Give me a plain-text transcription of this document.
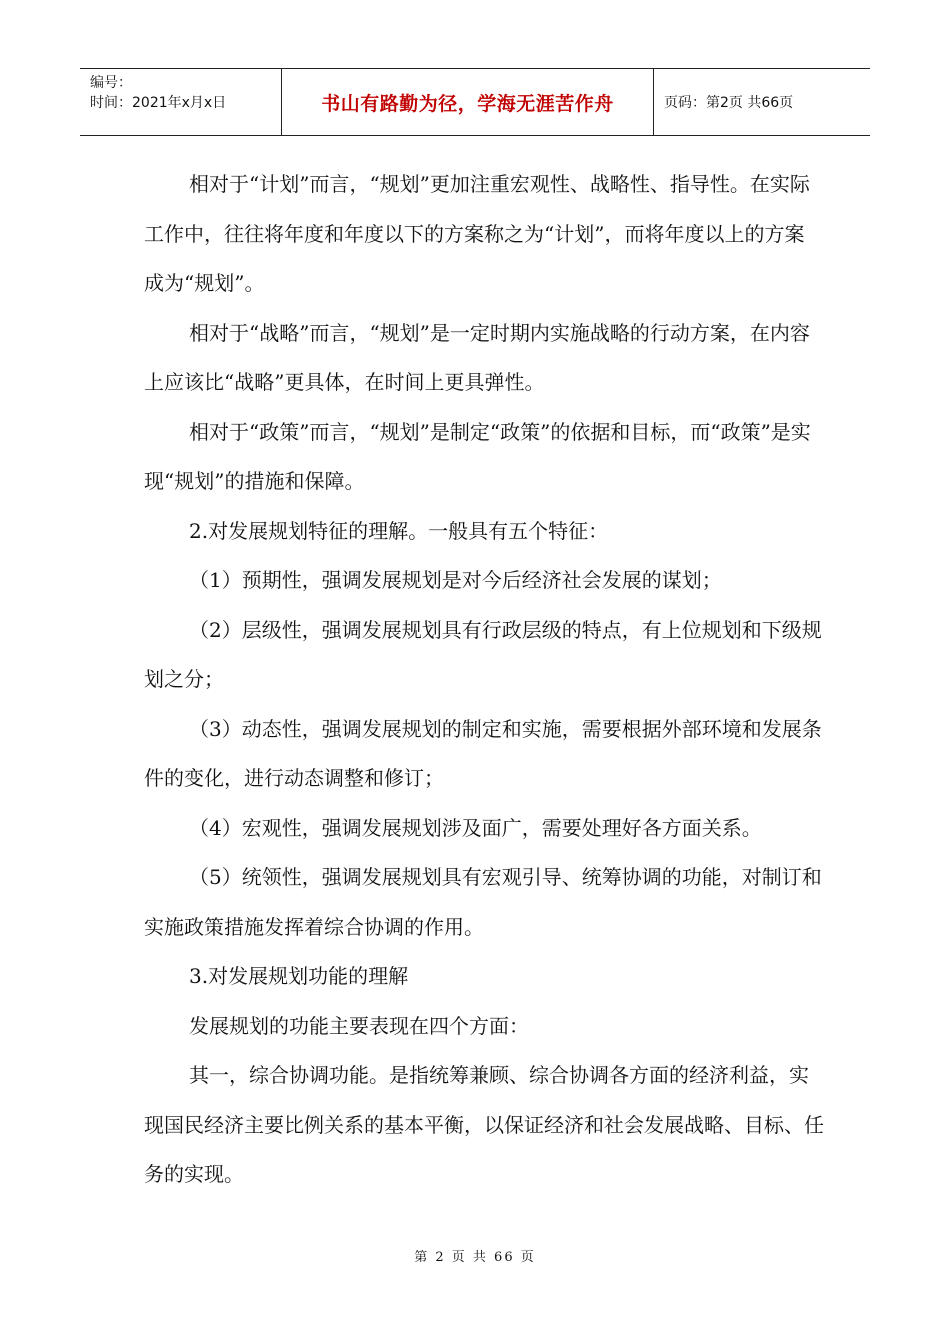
编号：
时间：2021年x月x日	书山有路勤为径，学海无涯苦作舟	页码：第2页 共66页

相对于“计划”而言，“规划”更加注重宏观性、战略性、指导性。在实际工作中，往往将年度和年度以下的方案称之为“计划”，而将年度以上的方案成为“规划”。

相对于“战略”而言，“规划”是一定时期内实施战略的行动方案，在内容上应该比“战略”更具体，在时间上更具弹性。

相对于“政策”而言，“规划”是制定“政策”的依据和目标，而“政策”是实现“规划”的措施和保障。

2.对发展规划特征的理解。一般具有五个特征：

（1）预期性，强调发展规划是对今后经济社会发展的谋划；

（2）层级性，强调发展规划具有行政层级的特点，有上位规划和下级规划之分；

（3）动态性，强调发展规划的制定和实施，需要根据外部环境和发展条件的变化，进行动态调整和修订；

（4）宏观性，强调发展规划涉及面广，需要处理好各方面关系。

（5）统领性，强调发展规划具有宏观引导、统筹协调的功能，对制订和实施政策措施发挥着综合协调的作用。

3.对发展规划功能的理解

发展规划的功能主要表现在四个方面：

其一，综合协调功能。是指统筹兼顾、综合协调各方面的经济利益，实现国民经济主要比例关系的基本平衡，以保证经济和社会发展战略、目标、任务的实现。

第 2 页 共 66 页
